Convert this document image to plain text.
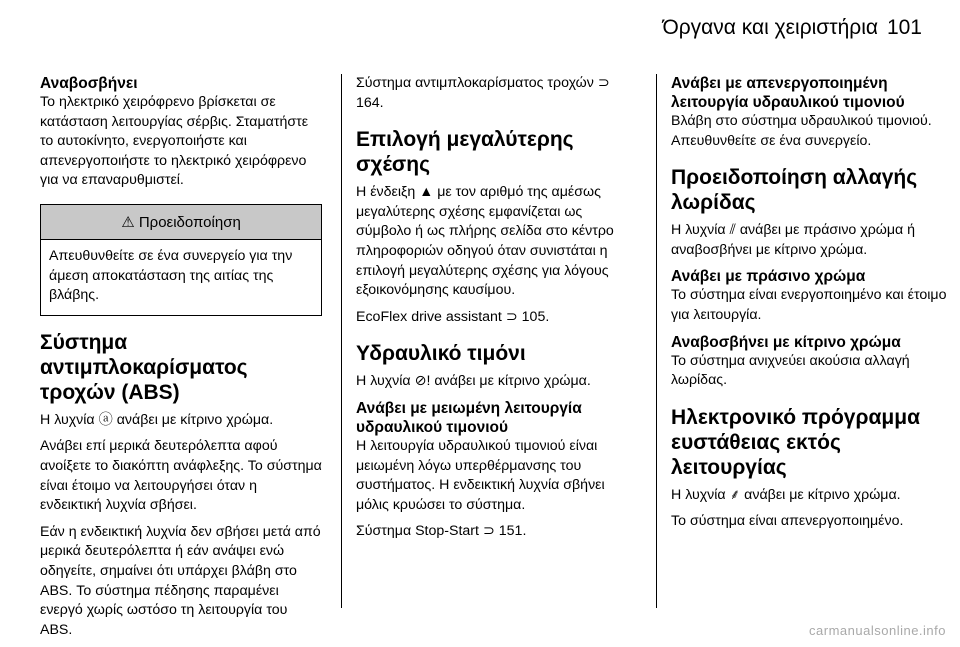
Όργανα και χειριστήρια 101

Αναβοσβήνει

Το ηλεκτρικό χειρόφρενο βρίσκεται σε κατάσταση λειτουργίας σέρβις. Σταματήστε το αυτοκίνητο, ενεργοποιήστε και απενεργοποιήστε το ηλεκτρικό χειρόφρενο για να επαναρυθμιστεί.

⚠ Προειδοποίηση
Απευθυνθείτε σε ένα συνεργείο για την άμεση αποκατάσταση της αιτίας της βλάβης.
Σύστημα αντιμπλοκαρίσματος τροχών (ABS)

Η λυχνία ⓐ ανάβει με κίτρινο χρώμα.

Ανάβει επί μερικά δευτερόλεπτα αφού ανοίξετε το διακόπτη ανάφλεξης. Το σύστημα είναι έτοιμο να λειτουργήσει όταν η ενδεικτική λυχνία σβήσει.

Εάν η ενδεικτική λυχνία δεν σβήσει μετά από μερικά δευτερόλεπτα ή εάν ανάψει ενώ οδηγείτε, σημαίνει ότι υπάρχει βλάβη στο ABS. Το σύστημα πέδησης παραμένει ενεργό χωρίς ωστόσο τη λειτουργία του ABS.

Σύστημα αντιμπλοκαρίσματος τροχών ⊃ 164.

Επιλογή μεγαλύτερης σχέσης

Η ένδειξη ▲ με τον αριθμό της αμέσως μεγαλύτερης σχέσης εμφανίζεται ως σύμβολο ή ως πλήρης σελίδα στο κέντρο πληροφοριών οδηγού όταν συνιστάται η επιλογή μεγαλύτερης σχέσης για λόγους εξοικονόμησης καυσίμου.

EcoFlex drive assistant ⊃ 105.

Υδραυλικό τιμόνι

Η λυχνία ⊘! ανάβει με κίτρινο χρώμα.

Ανάβει με μειωμένη λειτουργία υδραυλικού τιμονιού

Η λειτουργία υδραυλικού τιμονιού είναι μειωμένη λόγω υπερθέρμανσης του συστήματος. Η ενδεικτική λυχνία σβήνει μόλις κρυώσει το σύστημα.

Σύστημα Stop-Start ⊃ 151.

Ανάβει με απενεργοποιημένη λειτουργία υδραυλικού τιμονιού

Βλάβη στο σύστημα υδραυλικού τιμονιού. Απευθυνθείτε σε ένα συνεργείο.

Προειδοποίηση αλλαγής λωρίδας

Η λυχνία ⫽ ανάβει με πράσινο χρώμα ή αναβοσβήνει με κίτρινο χρώμα.

Ανάβει με πράσινο χρώμα

Το σύστημα είναι ενεργοποιημένο και έτοιμο για λειτουργία.

Αναβοσβήνει με κίτρινο χρώμα

Το σύστημα ανιχνεύει ακούσια αλλαγή λωρίδας.

Ηλεκτρονικό πρόγραμμα ευστάθειας εκτός λειτουργίας

Η λυχνία ⸙ ανάβει με κίτρινο χρώμα.

Το σύστημα είναι απενεργοποιημένο.

carmanualsonline.info
